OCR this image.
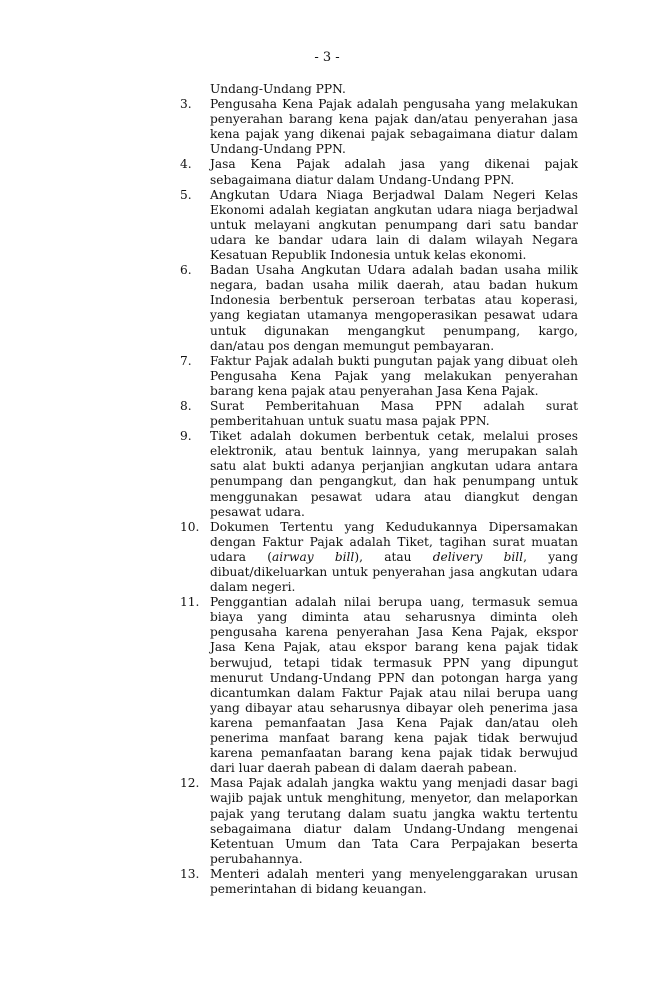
- 3 -
Undang-Undang PPN.
3.	Pengusaha Kena Pajak adalah pengusaha yang melakukan penyerahan barang kena pajak dan/atau penyerahan jasa kena pajak yang dikenai pajak sebagaimana diatur dalam Undang-Undang PPN.
4.	Jasa Kena Pajak adalah jasa yang dikenai pajak sebagaimana diatur dalam Undang-Undang PPN.
5.	Angkutan Udara Niaga Berjadwal Dalam Negeri Kelas Ekonomi adalah kegiatan angkutan udara niaga berjadwal untuk melayani angkutan penumpang dari satu bandar udara ke bandar udara lain di dalam wilayah Negara Kesatuan Republik Indonesia untuk kelas ekonomi.
6.	Badan Usaha Angkutan Udara adalah badan usaha milik negara, badan usaha milik daerah, atau badan hukum Indonesia berbentuk perseroan terbatas atau koperasi, yang kegiatan utamanya mengoperasikan pesawat udara untuk digunakan mengangkut penumpang, kargo, dan/atau pos dengan memungut pembayaran.
7.	Faktur Pajak adalah bukti pungutan pajak yang dibuat oleh Pengusaha Kena Pajak yang melakukan penyerahan barang kena pajak atau penyerahan Jasa Kena Pajak.
8.	Surat Pemberitahuan Masa PPN adalah surat pemberitahuan untuk suatu masa pajak PPN.
9.	Tiket adalah dokumen berbentuk cetak, melalui proses elektronik, atau bentuk lainnya, yang merupakan salah satu alat bukti adanya perjanjian angkutan udara antara penumpang dan pengangkut, dan hak penumpang untuk menggunakan pesawat udara atau diangkut dengan pesawat udara.
10. Dokumen Tertentu yang Kedudukannya Dipersamakan dengan Faktur Pajak adalah Tiket, tagihan surat muatan udara (airway bill), atau delivery bill, yang dibuat/dikeluarkan untuk penyerahan jasa angkutan udara dalam negeri.
11. Penggantian adalah nilai berupa uang, termasuk semua biaya yang diminta atau seharusnya diminta oleh pengusaha karena penyerahan Jasa Kena Pajak, ekspor Jasa Kena Pajak, atau ekspor barang kena pajak tidak berwujud, tetapi tidak termasuk PPN yang dipungut menurut Undang-Undang PPN dan potongan harga yang dicantumkan dalam Faktur Pajak atau nilai berupa uang yang dibayar atau seharusnya dibayar oleh penerima jasa karena pemanfaatan Jasa Kena Pajak dan/atau oleh penerima manfaat barang kena pajak tidak berwujud karena pemanfaatan barang kena pajak tidak berwujud dari luar daerah pabean di dalam daerah pabean.
12. Masa Pajak adalah jangka waktu yang menjadi dasar bagi wajib pajak untuk menghitung, menyetor, dan melaporkan pajak yang terutang dalam suatu jangka waktu tertentu sebagaimana diatur dalam Undang-Undang mengenai Ketentuan Umum dan Tata Cara Perpajakan beserta perubahannya.
13. Menteri adalah menteri yang menyelenggarakan urusan pemerintahan di bidang keuangan.
